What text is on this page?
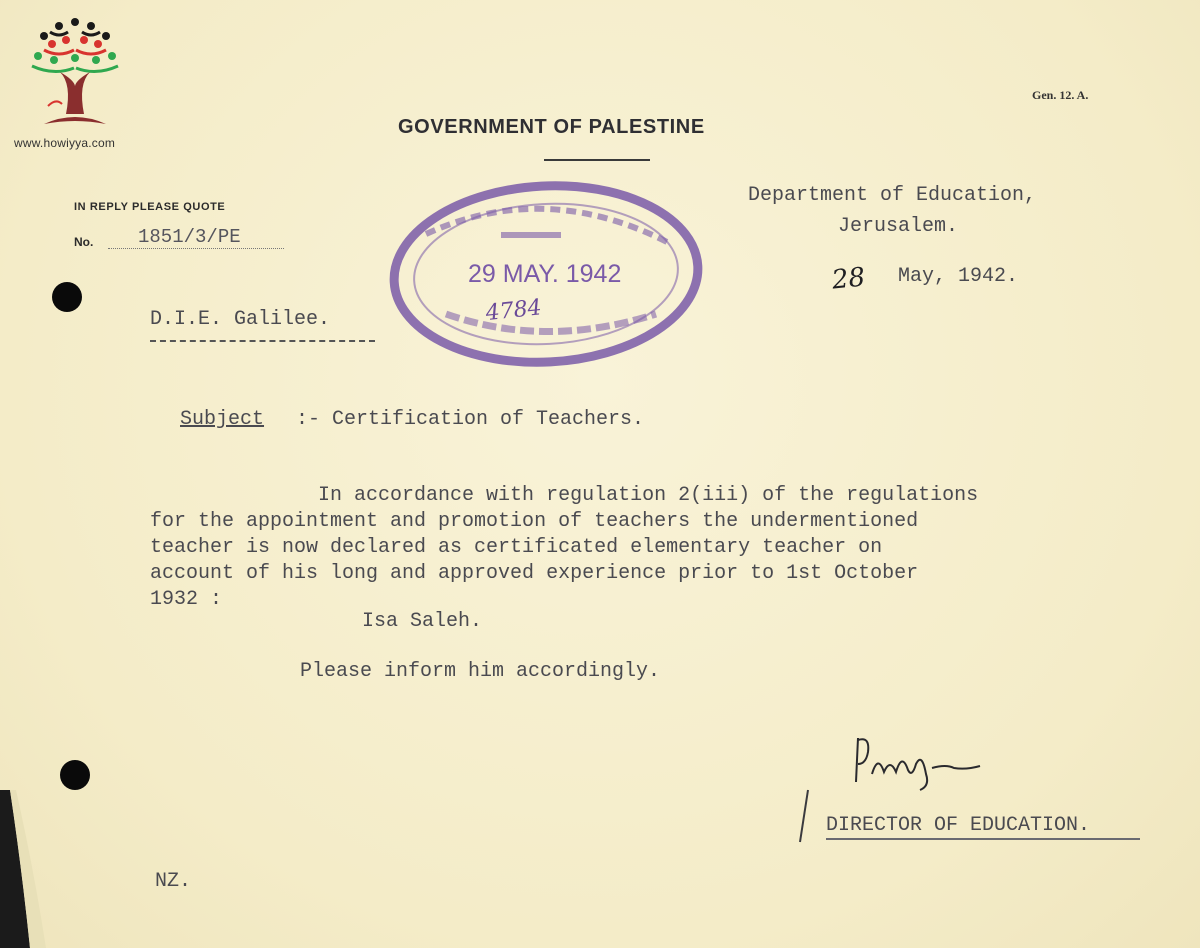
www.howiyya.com
Gen. 12. A.
GOVERNMENT OF PALESTINE
IN REPLY PLEASE QUOTE
No.	1851/3/PE
Department of Education,
Jerusalem.
28 May, 1942.
D.I.E. Galilee.
29 MAY. 1942
4784
Subject :- Certification of Teachers.
In accordance with regulation 2(iii) of the regulations
for the appointment and promotion of teachers the undermentioned
teacher is now declared as certificated elementary teacher on
account of his long and approved experience prior to 1st October
1932 :
Isa Saleh.
Please inform him accordingly.
DIRECTOR OF EDUCATION.
NZ.
